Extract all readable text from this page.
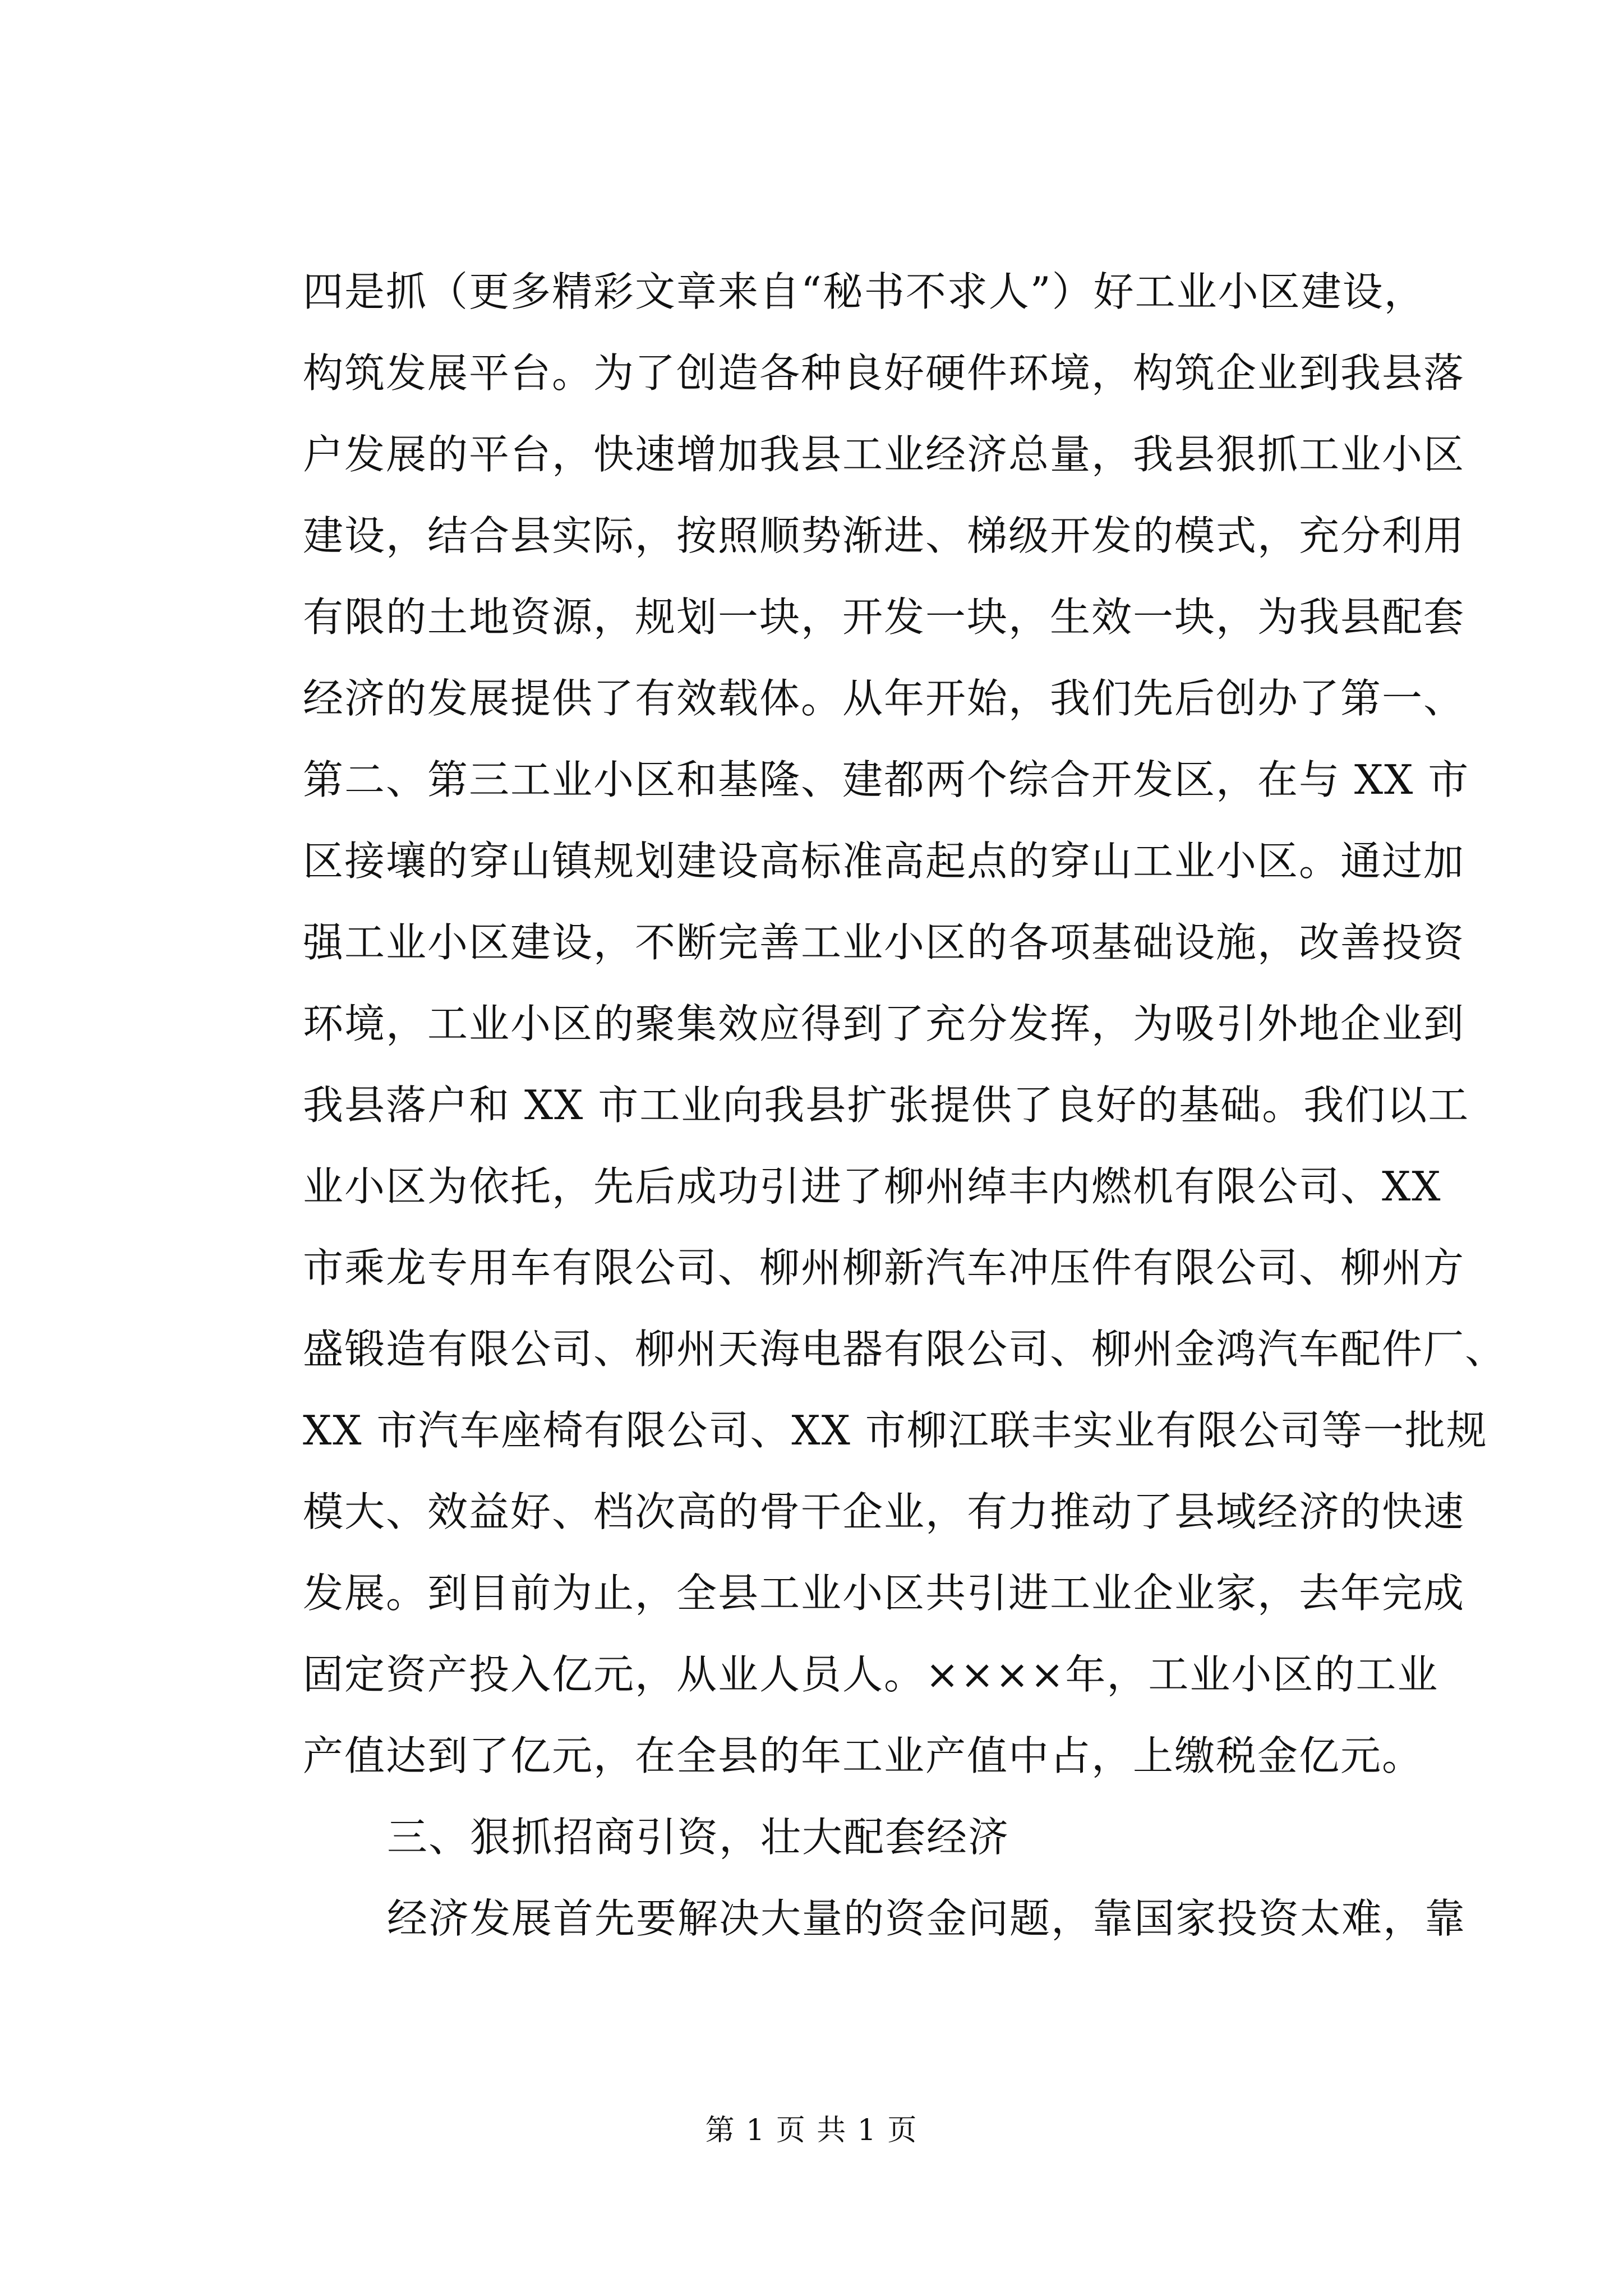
四是抓（更多精彩文章来自“秘书不求人”）好工业小区建设，
构筑发展平台。为了创造各种良好硬件环境，构筑企业到我县落
户发展的平台，快速增加我县工业经济总量，我县狠抓工业小区
建设，结合县实际，按照顺势渐进、梯级开发的模式，充分利用
有限的土地资源，规划一块，开发一块，生效一块，为我县配套
经济的发展提供了有效载体。从年开始，我们先后创办了第一、
第二、第三工业小区和基隆、建都两个综合开发区，在与 XX 市
区接壤的穿山镇规划建设高标准高起点的穿山工业小区。通过加
强工业小区建设，不断完善工业小区的各项基础设施，改善投资
环境，工业小区的聚集效应得到了充分发挥，为吸引外地企业到
我县落户和 XX 市工业向我县扩张提供了良好的基础。我们以工
业小区为依托，先后成功引进了柳州绰丰内燃机有限公司、XX
市乘龙专用车有限公司、柳州柳新汽车冲压件有限公司、柳州方
盛锻造有限公司、柳州天海电器有限公司、柳州金鸿汽车配件厂、
XX 市汽车座椅有限公司、XX 市柳江联丰实业有限公司等一批规
模大、效益好、档次高的骨干企业，有力推动了县域经济的快速
发展。到目前为止，全县工业小区共引进工业企业家，去年完成
固定资产投入亿元，从业人员人。××××年，工业小区的工业
产值达到了亿元，在全县的年工业产值中占，上缴税金亿元。
三、狠抓招商引资，壮大配套经济
经济发展首先要解决大量的资金问题，靠国家投资太难，靠
第 1 页 共 1 页
